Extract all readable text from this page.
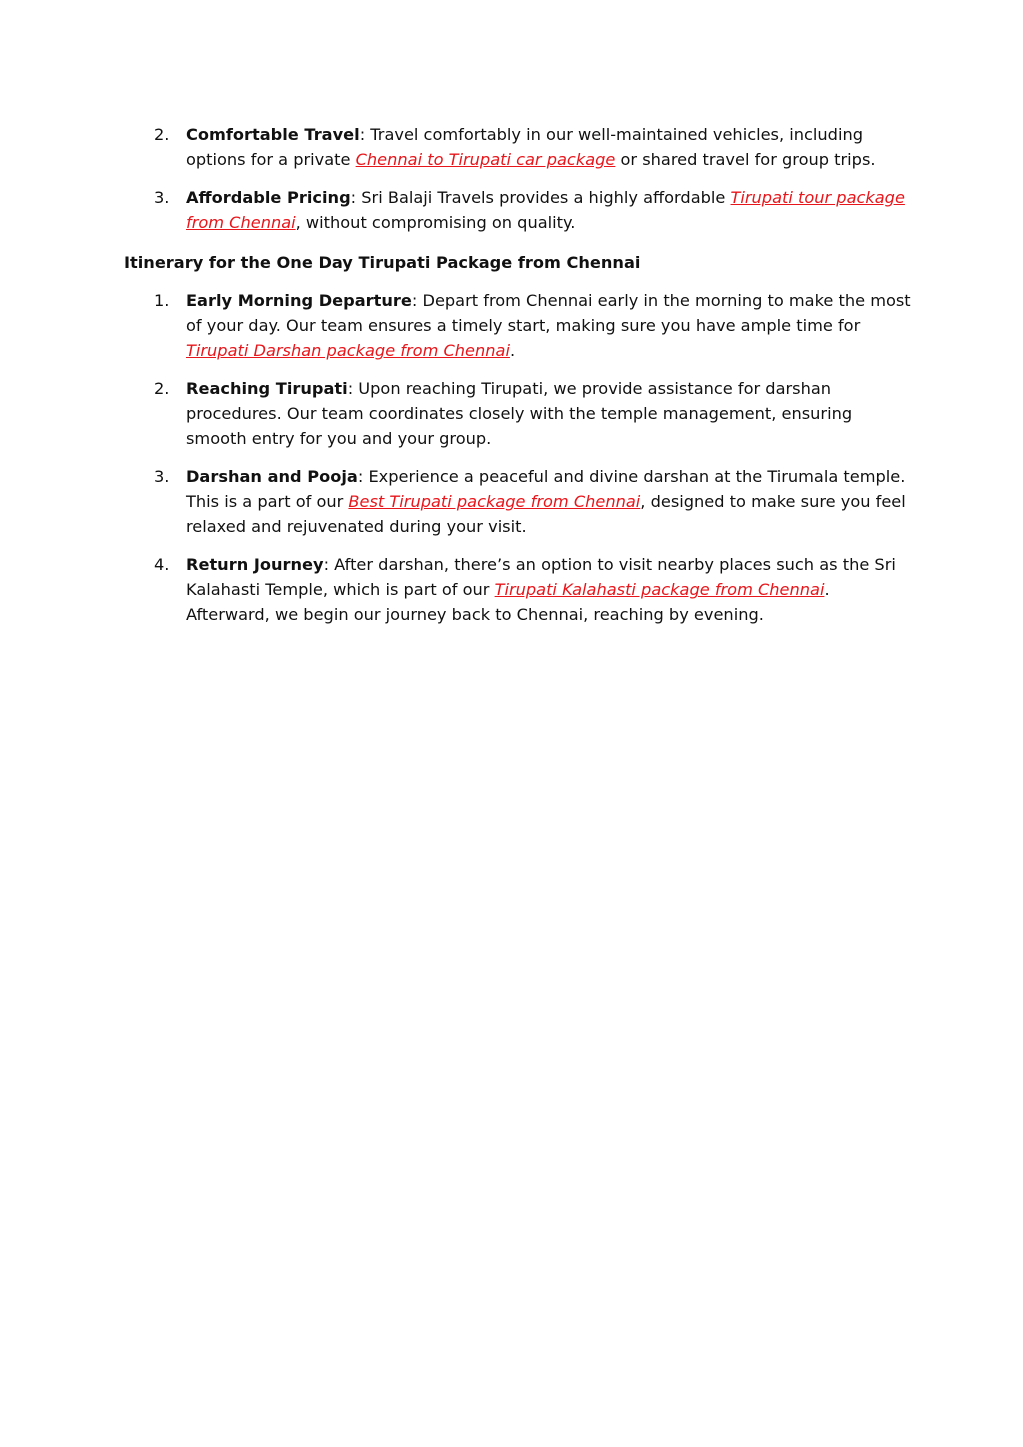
2. Comfortable Travel: Travel comfortably in our well-maintained vehicles, including options for a private Chennai to Tirupati car package or shared travel for group trips.
3. Affordable Pricing: Sri Balaji Travels provides a highly affordable Tirupati tour package from Chennai, without compromising on quality.

Itinerary for the One Day Tirupati Package from Chennai

1. Early Morning Departure: Depart from Chennai early in the morning to make the most of your day. Our team ensures a timely start, making sure you have ample time for Tirupati Darshan package from Chennai.
2. Reaching Tirupati: Upon reaching Tirupati, we provide assistance for darshan procedures. Our team coordinates closely with the temple management, ensuring smooth entry for you and your group.
3. Darshan and Pooja: Experience a peaceful and divine darshan at the Tirumala temple. This is a part of our Best Tirupati package from Chennai, designed to make sure you feel relaxed and rejuvenated during your visit.
4. Return Journey: After darshan, there’s an option to visit nearby places such as the Sri Kalahasti Temple, which is part of our Tirupati Kalahasti package from Chennai. Afterward, we begin our journey back to Chennai, reaching by evening.
